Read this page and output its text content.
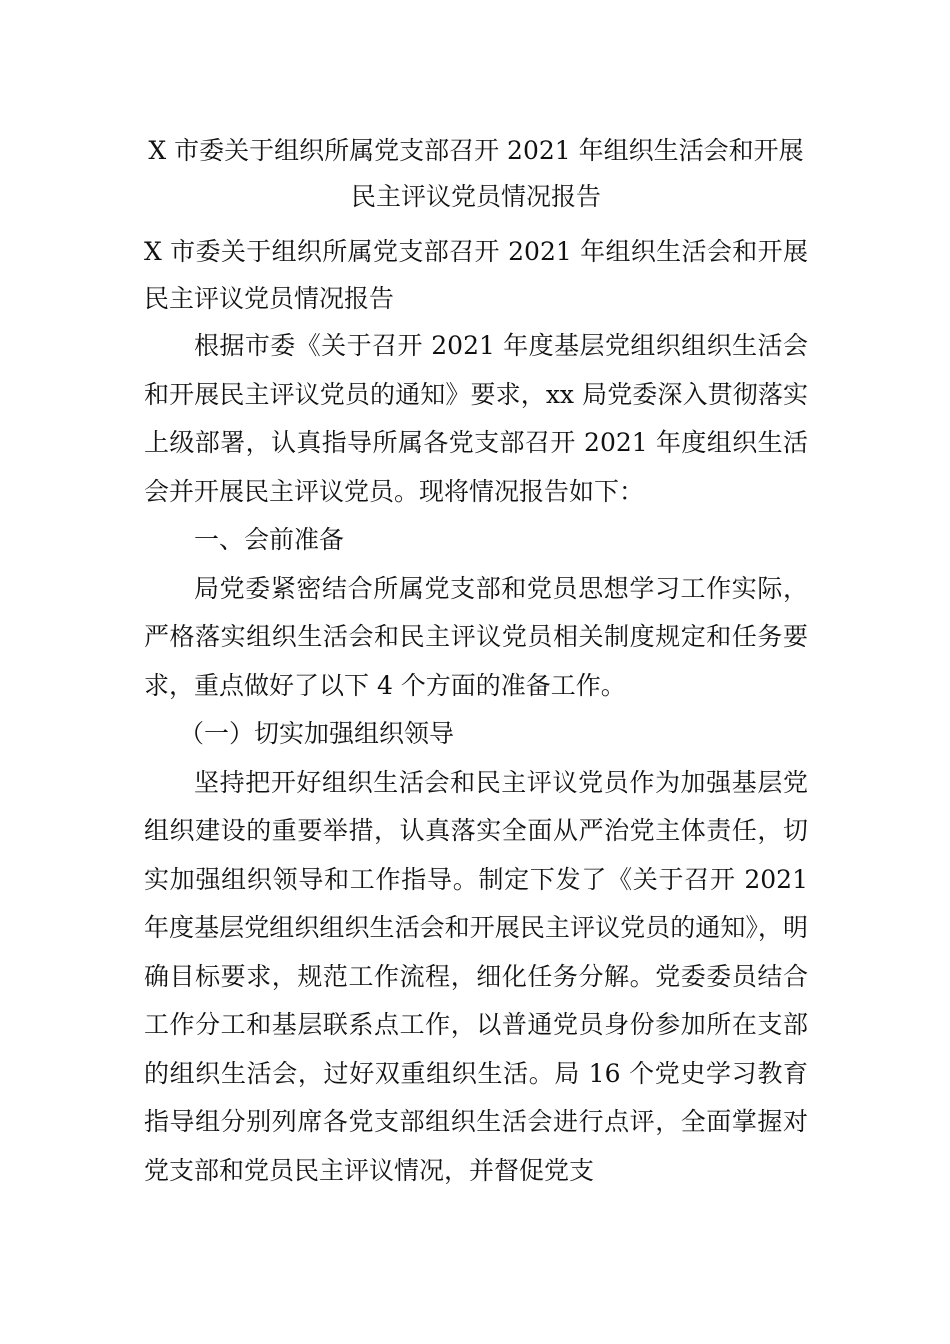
X 市委关于组织所属党支部召开 2021 年组织生活会和开展
民主评议党员情况报告
X 市委关于组织所属党支部召开 2021 年组织生活会和开展民主评议党员情况报告

根据市委《关于召开 2021 年度基层党组织组织生活会和开展民主评议党员的通知》要求，xx 局党委深入贯彻落实上级部署，认真指导所属各党支部召开 2021 年度组织生活会并开展民主评议党员。现将情况报告如下：

一、会前准备

局党委紧密结合所属党支部和党员思想学习工作实际，严格落实组织生活会和民主评议党员相关制度规定和任务要求，重点做好了以下 4 个方面的准备工作。

（一）切实加强组织领导

坚持把开好组织生活会和民主评议党员作为加强基层党组织建设的重要举措，认真落实全面从严治党主体责任，切实加强组织领导和工作指导。制定下发了《关于召开 2021 年度基层党组织组织生活会和开展民主评议党员的通知》，明确目标要求，规范工作流程，细化任务分解。党委委员结合工作分工和基层联系点工作，以普通党员身份参加所在支部的组织生活会，过好双重组织生活。局 16 个党史学习教育指导组分别列席各党支部组织生活会进行点评，全面掌握对党支部和党员民主评议情况，并督促党支
